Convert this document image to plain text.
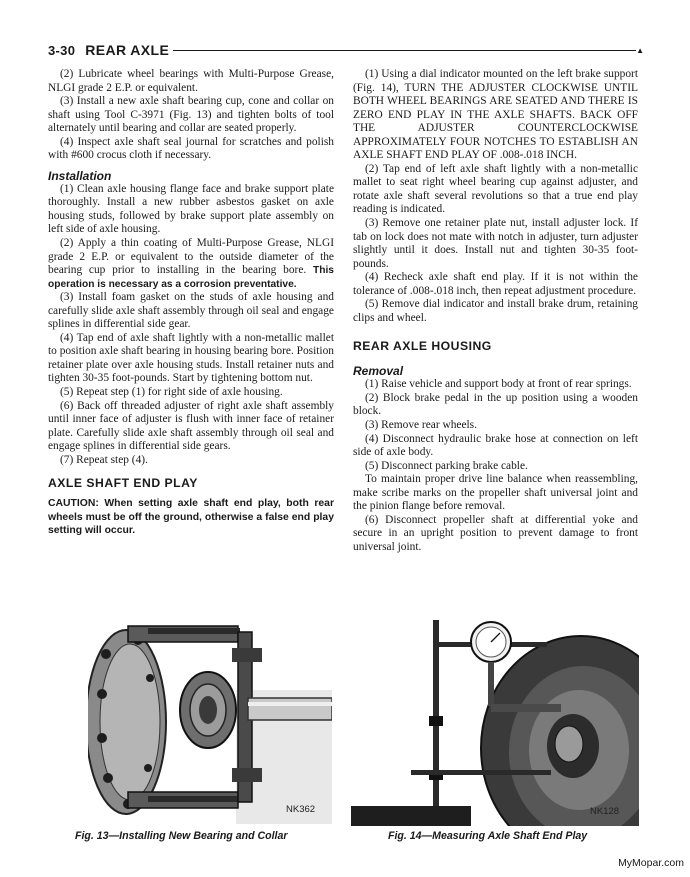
3-30 REAR AXLE	▲

(2) Lubricate wheel bearings with Multi-Purpose Grease, NLGI grade 2 E.P. or equivalent.

(3) Install a new axle shaft bearing cup, cone and collar on shaft using Tool C-3971 (Fig. 13) and tighten bolts of tool alternately until bearing and collar are seated properly.

(4) Inspect axle shaft seal journal for scratches and polish with #600 crocus cloth if necessary.

Installation

(1) Clean axle housing flange face and brake support plate thoroughly. Install a new rubber asbestos gasket on axle housing studs, followed by brake support plate assembly on left side of axle housing.

(2) Apply a thin coating of Multi-Purpose Grease, NLGI grade 2 E.P. or equivalent to the outside diameter of the bearing cup prior to installing in the bearing bore. This operation is necessary as a corrosion preventative.

(3) Install foam gasket on the studs of axle housing and carefully slide axle shaft assembly through oil seal and engage splines in differential side gear.

(4) Tap end of axle shaft lightly with a non-metallic mallet to position axle shaft bearing in housing bearing bore. Position retainer plate over axle housing studs. Install retainer nuts and tighten 30-35 foot-pounds. Start by tightening bottom nut.

(5) Repeat step (1) for right side of axle housing.

(6) Back off threaded adjuster of right axle shaft assembly until inner face of adjuster is flush with inner face of retainer plate. Carefully slide axle shaft assembly through oil seal and engage splines in differential side gears.

(7) Repeat step (4).

AXLE SHAFT END PLAY
CAUTION: When setting axle shaft end play, both rear wheels must be off the ground, otherwise a false end play setting will occur.

(1) Using a dial indicator mounted on the left brake support (Fig. 14), TURN THE ADJUSTER CLOCKWISE UNTIL BOTH WHEEL BEARINGS ARE SEATED AND THERE IS ZERO END PLAY IN THE AXLE SHAFTS. BACK OFF THE ADJUSTER COUNTERCLOCKWISE APPROXIMATELY FOUR NOTCHES TO ESTABLISH AN AXLE SHAFT END PLAY OF .008-.018 INCH.

(2) Tap end of left axle shaft lightly with a non-metallic mallet to seat right wheel bearing cup against adjuster, and rotate axle shaft several revolutions so that a true end play reading is indicated.

(3) Remove one retainer plate nut, install adjuster lock. If tab on lock does not mate with notch in adjuster, turn adjuster slightly until it does. Install nut and tighten 30-35 foot-pounds.

(4) Recheck axle shaft end play. If it is not within the tolerance of .008-.018 inch, then repeat adjustment procedure.

(5) Remove dial indicator and install brake drum, retaining clips and wheel.

REAR AXLE HOUSING
Removal

(1) Raise vehicle and support body at front of rear springs.

(2) Block brake pedal in the up position using a wooden block.

(3) Remove rear wheels.

(4) Disconnect hydraulic brake hose at connection on left side of axle body.

(5) Disconnect parking brake cable.

To maintain proper drive line balance when reassembling, make scribe marks on the propeller shaft universal joint and the pinion flange before removal.

(6) Disconnect propeller shaft at differential yoke and secure in an upright position to prevent damage to front universal joint.

NK362
Fig. 13—Installing New Bearing and Collar
NK128
Fig. 14—Measuring Axle Shaft End Play
MyMopar.com
